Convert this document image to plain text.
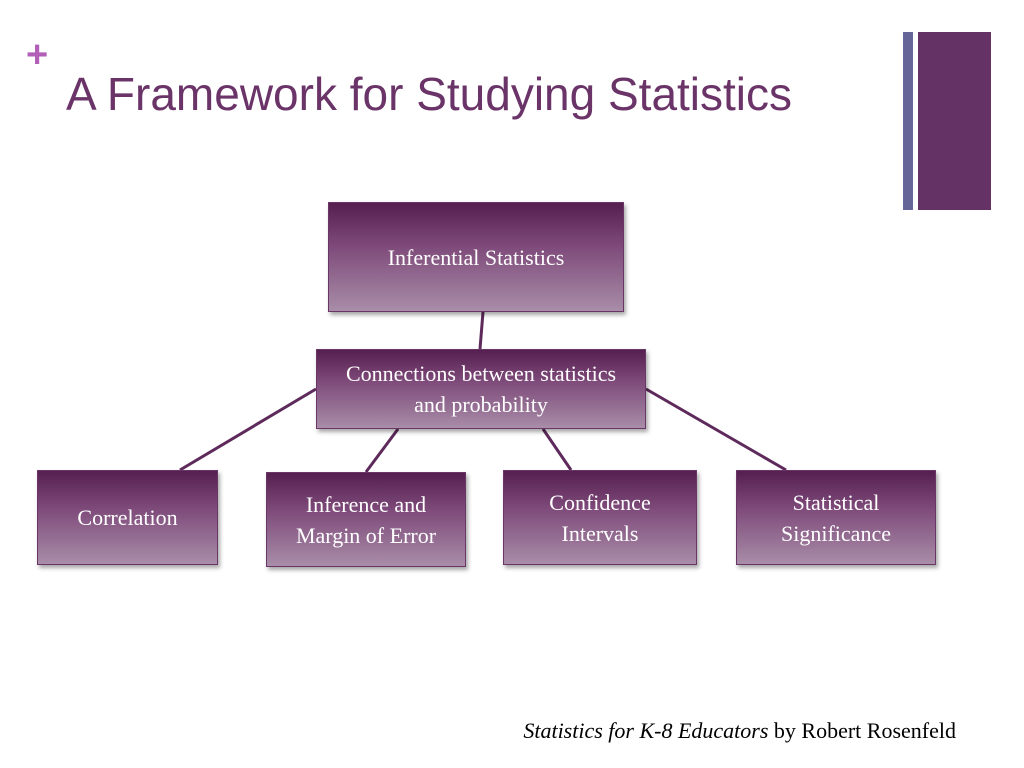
+
A Framework for Studying Statistics
Inferential Statistics
Connections between statistics and probability
Correlation
Inference and Margin of Error
Confidence Intervals
Statistical Significance
Statistics for K-8 Educators by Robert Rosenfeld
